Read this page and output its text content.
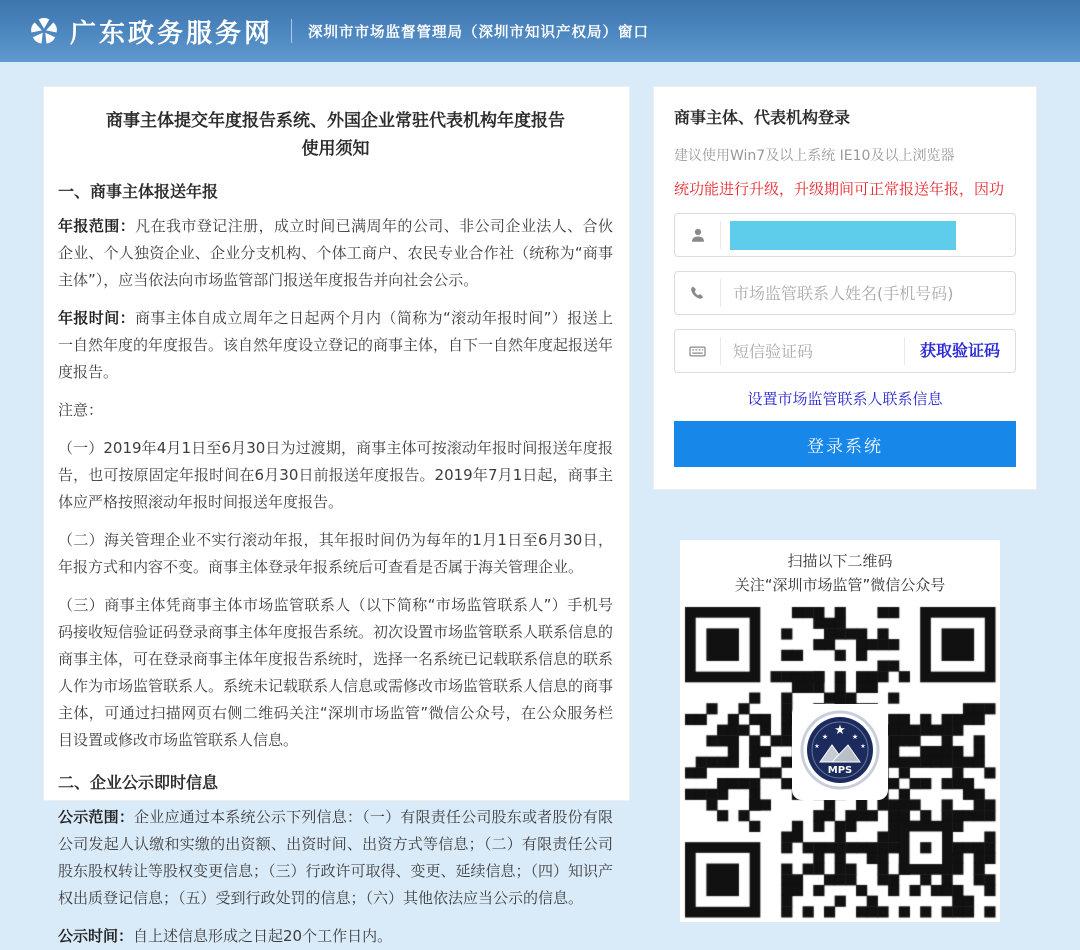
广东政务服务网 深圳市市场监督管理局（深圳市知识产权局）窗口
商事主体提交年度报告系统、外国企业常驻代表机构年度报告
使用须知
一、商事主体报送年报

年报范围：凡在我市登记注册，成立时间已满周年的公司、非公司企业法人、合伙企业、个人独资企业、企业分支机构、个体工商户、农民专业合作社（统称为“商事主体”），应当依法向市场监管部门报送年度报告并向社会公示。

年报时间：商事主体自成立周年之日起两个月内（简称为“滚动年报时间”）报送上一自然年度的年度报告。该自然年度设立登记的商事主体，自下一自然年度起报送年度报告。

注意：

（一）2019年4月1日至6月30日为过渡期，商事主体可按滚动年报时间报送年度报告，也可按原固定年报时间在6月30日前报送年度报告。2019年7月1日起，商事主体应严格按照滚动年报时间报送年度报告。

（二）海关管理企业不实行滚动年报，其年报时间仍为每年的1月1日至6月30日，年报方式和内容不变。商事主体登录年报系统后可查看是否属于海关管理企业。

（三）商事主体凭商事主体市场监管联系人（以下简称“市场监管联系人”）手机号码接收短信验证码登录商事主体年度报告系统。初次设置市场监管联系人联系信息的商事主体，可在登录商事主体年度报告系统时，选择一名系统已记载联系信息的联系人作为市场监管联系人。系统未记载联系人信息或需修改市场监管联系人信息的商事主体，可通过扫描网页右侧二维码关注“深圳市场监管”微信公众号，在公众服务栏目设置或修改市场监管联系人信息。

二、企业公示即时信息

公示范围：企业应通过本系统公示下列信息：（一）有限责任公司股东或者股份有限公司发起人认缴和实缴的出资额、出资时间、出资方式等信息；（二）有限责任公司股东股权转让等股权变更信息；（三）行政许可取得、变更、延续信息；（四）知识产权出质登记信息；（五）受到行政处罚的信息；（六）其他依法应当公示的信息。

公示时间：自上述信息形成之日起20个工作日内。

商事主体、代表机构登录
建议使用Win7及以上系统 IE10及以上浏览器
统功能进行升级，升级期间可正常报送年报，因功
市场监管联系人姓名(手机号码)
短信验证码
获取验证码
设置市场监管联系人联系信息
登录系统
扫描以下二维码
关注“深圳市场监管”微信公众号
★
★	★
★	★
MPS
